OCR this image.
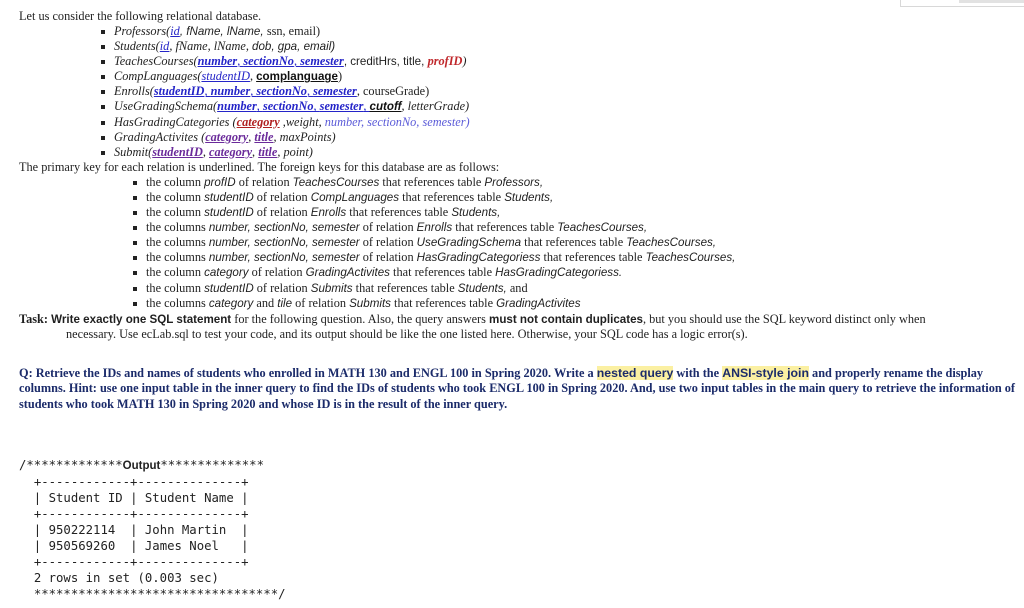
Let us consider the following relational database.
Professors(id, fName, lName, ssn, email)
Students(id, fName, lName, dob, gpa, email)
TeachesCourses(number, sectionNo, semester, creditHrs, title, profID)
CompLanguages(studentID, complanguage)
Enrolls(studentID, number, sectionNo, semester, courseGrade)
UseGradingSchema(number, sectionNo, semester, cutoff, letterGrade)
HasGradingCategories (category ,weight, number, sectionNo, semester)
GradingActivites (category, title, maxPoints)
Submit(studentID, category, title, point)
The primary key for each relation is underlined. The foreign keys for this database are as follows:
the column profID of relation TeachesCourses that references table Professors,
the column studentID of relation CompLanguages that references table Students,
the column studentID of relation Enrolls that references table Students,
the columns number, sectionNo, semester of relation Enrolls that references table TeachesCourses,
the columns number, sectionNo, semester of relation UseGradingSchema that references table TeachesCourses,
the columns number, sectionNo, semester of relation HasGradingCategoriess that references table TeachesCourses,
the column category of relation GradingActivites that references table HasGradingCategoriess.
the column studentID of relation Submits that references table Students, and
the columns category and tile of relation Submits that references table GradingActivites
Task: Write exactly one SQL statement for the following question. Also, the query answers must not contain duplicates, but you should use the SQL keyword distinct only when
necessary. Use ecLab.sql to test your code, and its output should be like the one listed here. Otherwise, your SQL code has a logic error(s).
Q: Retrieve the IDs and names of students who enrolled in MATH 130 and ENGL 100 in Spring 2020. Write a nested query with the ANSI-style join and properly rename the display columns. Hint: use one input table in the inner query to find the IDs of students who took ENGL 100 in Spring 2020. And, use two input tables in the main query to retrieve the information of students who took MATH 130 in Spring 2020 and whose ID is in the result of the inner query.
/*************Output**************
+------------+--------------+
| Student ID | Student Name |
+------------+--------------+
| 950222114  | John Martin  |
| 950569260  | James Noel   |
+------------+--------------+
2 rows in set (0.003 sec)
*********************************/
